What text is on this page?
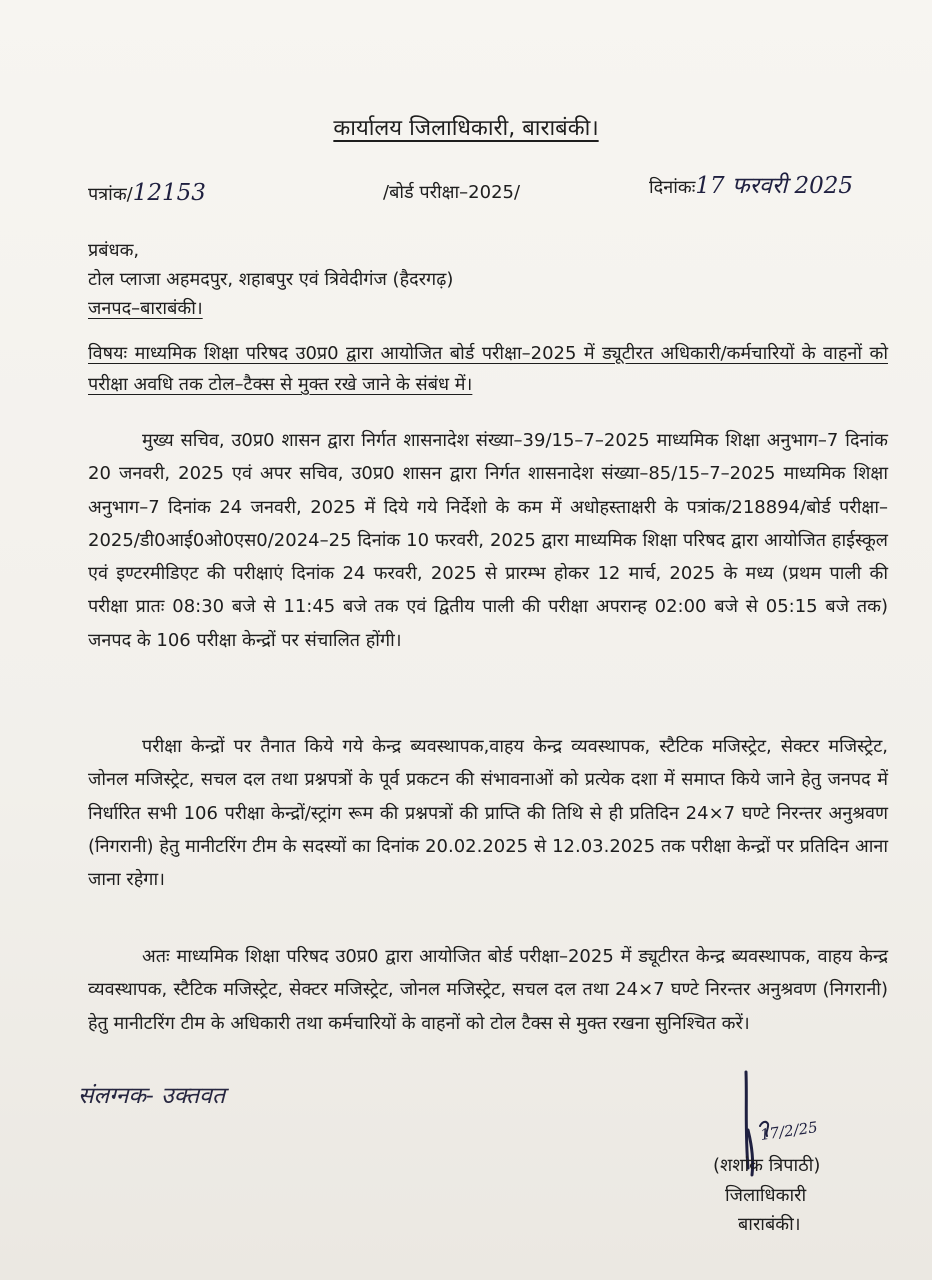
कार्यालय जिलाधिकारी, बाराबंकी।
पत्रांक/12153	/बोर्ड परीक्षा–2025/	दिनांकः17 फरवरी 2025
प्रबंधक,
टोल प्लाजा अहमदपुर, शहाबपुर एवं त्रिवेदीगंज (हैदरगढ़)
जनपद–बाराबंकी।
विषयः माध्यमिक शिक्षा परिषद उ0प्र0 द्वारा आयोजित बोर्ड परीक्षा–2025 में ड्यूटीरत अधिकारी/कर्मचारियों के वाहनों को परीक्षा अवधि तक टोल–टैक्स से मुक्त रखे जाने के संबंध में।
मुख्य सचिव, उ0प्र0 शासन द्वारा निर्गत शासनादेश संख्या–39/15–7–2025 माध्यमिक शिक्षा अनुभाग–7 दिनांक 20 जनवरी, 2025 एवं अपर सचिव, उ0प्र0 शासन द्वारा निर्गत शासनादेश संख्या–85/15–7–2025 माध्यमिक शिक्षा अनुभाग–7 दिनांक 24 जनवरी, 2025 में दिये गये निर्देशो के कम में अधोहस्ताक्षरी के पत्रांक/218894/बोर्ड परीक्षा–2025/डी0आई0ओ0एस0/2024–25 दिनांक 10 फरवरी, 2025 द्वारा माध्यमिक शिक्षा परिषद द्वारा आयोजित हाईस्कूल एवं इण्टरमीडिएट की परीक्षाएं दिनांक 24 फरवरी, 2025 से प्रारम्भ होकर 12 मार्च, 2025 के मध्य (प्रथम पाली की परीक्षा प्रातः 08:30 बजे से 11:45 बजे तक एवं द्वितीय पाली की परीक्षा अपरान्ह 02:00 बजे से 05:15 बजे तक) जनपद के 106 परीक्षा केन्द्रों पर संचालित होंगी।
परीक्षा केन्द्रों पर तैनात किये गये केन्द्र ब्यवस्थापक,वाहय केन्द्र व्यवस्थापक, स्टैटिक मजिस्ट्रेट, सेक्टर मजिस्ट्रेट, जोनल मजिस्ट्रेट, सचल दल तथा प्रश्नपत्रों के पूर्व प्रकटन की संभावनाओं को प्रत्येक दशा में समाप्त किये जाने हेतु जनपद में निर्धारित सभी 106 परीक्षा केन्द्रों/स्ट्रांग रूम की प्रश्नपत्रों की प्राप्ति की तिथि से ही प्रतिदिन 24×7 घण्टे निरन्तर अनुश्रवण (निगरानी) हेतु मानीटरिंग टीम के सदस्यों का दिनांक 20.02.2025 से 12.03.2025 तक परीक्षा केन्द्रों पर प्रतिदिन आना जाना रहेगा।
अतः माध्यमिक शिक्षा परिषद उ0प्र0 द्वारा आयोजित बोर्ड परीक्षा–2025 में ड्यूटीरत केन्द्र ब्यवस्थापक, वाहय केन्द्र व्यवस्थापक, स्टैटिक मजिस्ट्रेट, सेक्टर मजिस्ट्रेट, जोनल मजिस्ट्रेट, सचल दल तथा 24×7 घण्टे निरन्तर अनुश्रवण (निगरानी) हेतु मानीटरिंग टीम के अधिकारी तथा कर्मचारियों के वाहनों को टोल टैक्स से मुक्त रखना सुनिश्चित करें।
संलग्नक- उक्तवत
17/2/25
(शशांक त्रिपाठी)
जिलाधिकारी
बाराबंकी।
